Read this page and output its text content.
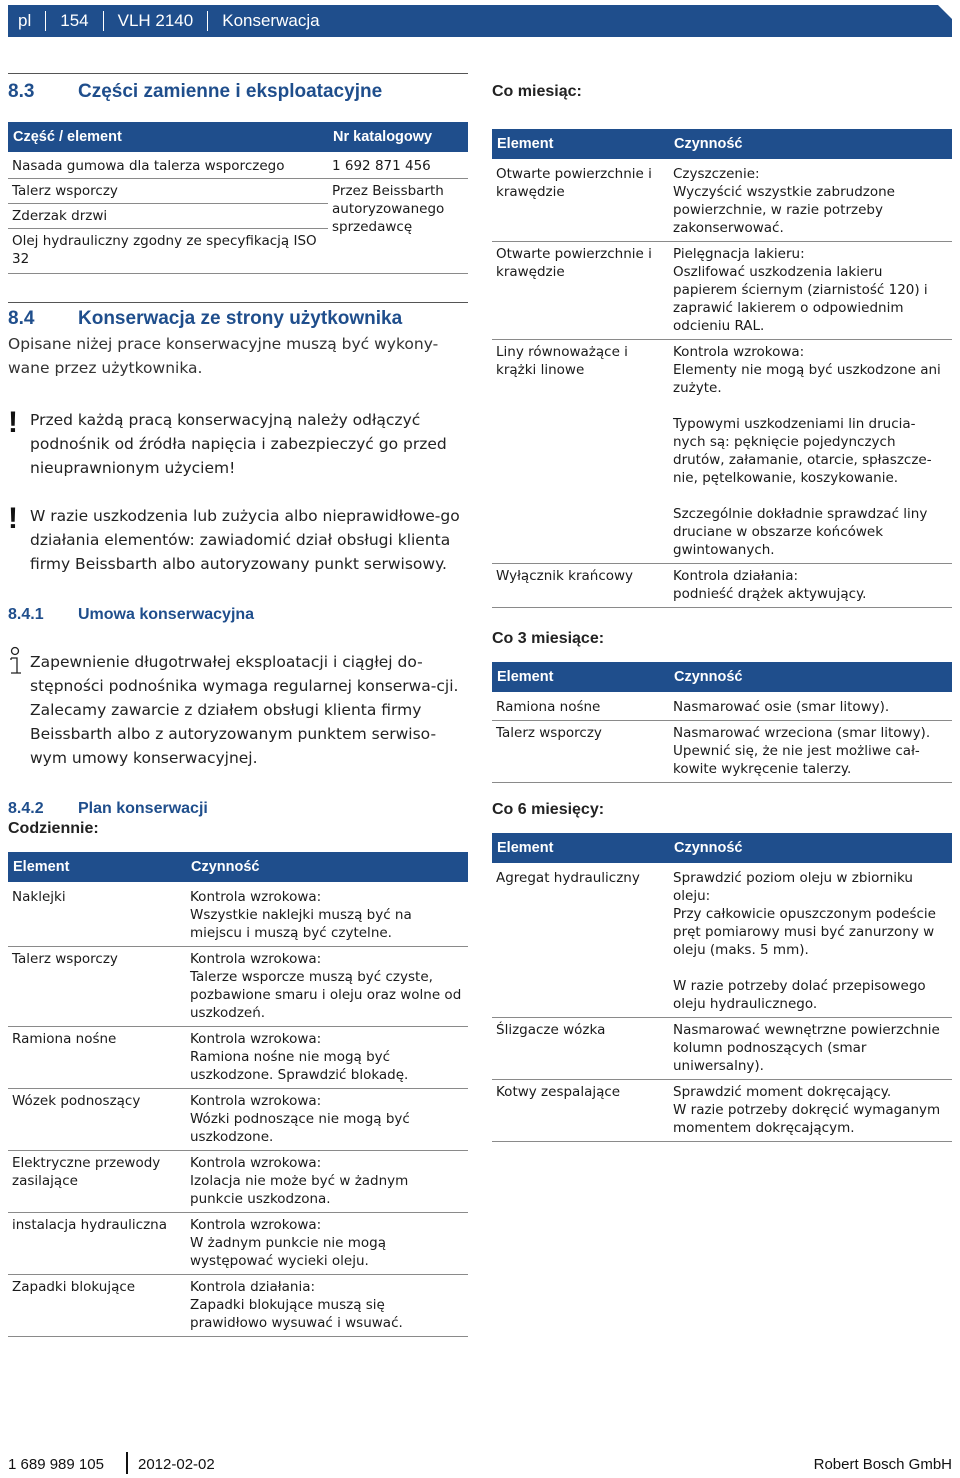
pl	154	VLH 2140	Konserwacja
8.3 Części zamienne i eksploatacyjne
Część / element	Nr katalogowy
Nasada gumowa dla talerza wsporczego	1 692 871 456
Talerz wsporczy	Przez Beissbarth autoryzowanego sprzedawcę
Zderzak drzwi	
Olej hydrauliczny zgodny ze specyfikacją ISO 32	
8.4 Konserwacja ze strony użytkownika
Opisane niżej prace konserwacyjne muszą być wykony-wane przez użytkownika.
! Przed każdą pracą konserwacyjną należy odłączyć podnośnik od źródła napięcia i zabezpieczyć go przed nieuprawnionym użyciem!
! W razie uszkodzenia lub zużycia albo nieprawidłowe-go działania elementów: zawiadomić dział obsługi klienta firmy Beissbarth albo autoryzowany punkt serwisowy.
8.4.1 Umowa konserwacyjna
Zapewnienie długotrwałej eksploatacji i ciągłej do-stępności podnośnika wymaga regularnej konserwa-cji. Zalecamy zawarcie z działem obsługi klienta firmy Beissbarth albo z autoryzowanym punktem serwiso-wym umowy konserwacyjnej.
8.4.2 Plan konserwacji
Codziennie:
Element	Czynność
Naklejki	Kontrola wzrokowa:
Wszystkie naklejki muszą być na miejscu i muszą być czytelne.
Talerz wsporczy	Kontrola wzrokowa:
Talerze wsporcze muszą być czyste, pozbawione smaru i oleju oraz wolne od uszkodzeń.
Ramiona nośne	Kontrola wzrokowa:
Ramiona nośne nie mogą być uszkodzone. Sprawdzić blokadę.
Wózek podnoszący	Kontrola wzrokowa:
Wózki podnoszące nie mogą być uszkodzone.
Elektryczne przewody zasilające	Kontrola wzrokowa:
Izolacja nie może być w żadnym punkcie uszkodzona.
instalacja hydrauliczna	Kontrola wzrokowa:
W żadnym punkcie nie mogą występować wycieki oleju.
Zapadki blokujące	Kontrola działania:
Zapadki blokujące muszą się prawidłowo wysuwać i wsuwać.
Co miesiąc:
Element	Czynność
Otwarte powierzchnie i krawędzie	Czyszczenie:
Wyczyścić wszystkie zabrudzone powierzchnie, w razie potrzeby zakonserwować.
Otwarte powierzchnie i krawędzie	Pielęgnacja lakieru:
Oszlifować uszkodzenia lakieru papierem ściernym (ziarnistość 120) i zaprawić lakierem o odpowiednim odcieniu RAL.
Liny równoważące i krążki linowe	Kontrola wzrokowa:
Elementy nie mogą być uszkodzone ani zużyte.

Typowymi uszkodzeniami lin drucia-nych są: pęknięcie pojedynczych drutów, załamanie, otarcie, spłaszcze-nie, pętelkowanie, koszykowanie.

Szczególnie dokładnie sprawdzać liny druciane w obszarze końcówek gwintowanych.
Wyłącznik krańcowy	Kontrola działania:
podnieść drążek aktywujący.
Co 3 miesiące:
Element	Czynność
Ramiona nośne	Nasmarować osie (smar litowy).
Talerz wsporczy	Nasmarować wrzeciona (smar litowy). Upewnić się, że nie jest możliwe cał-kowite wykręcenie talerzy.
Co 6 miesięcy:
Element	Czynność
Agregat hydrauliczny	Sprawdzić poziom oleju w zbiorniku oleju:
Przy całkowicie opuszczonym podeście pręt pomiarowy musi być zanurzony w oleju (maks. 5 mm).

W razie potrzeby dolać przepisowego oleju hydraulicznego.
Ślizgacze wózka	Nasmarować wewnętrzne powierzchnie kolumn podnoszących (smar uniwersalny).
Kotwy zespalające	Sprawdzić moment dokręcający.
W razie potrzeby dokręcić wymaganym momentem dokręcającym.
1 689 989 105 2012-02-02	Robert Bosch GmbH
